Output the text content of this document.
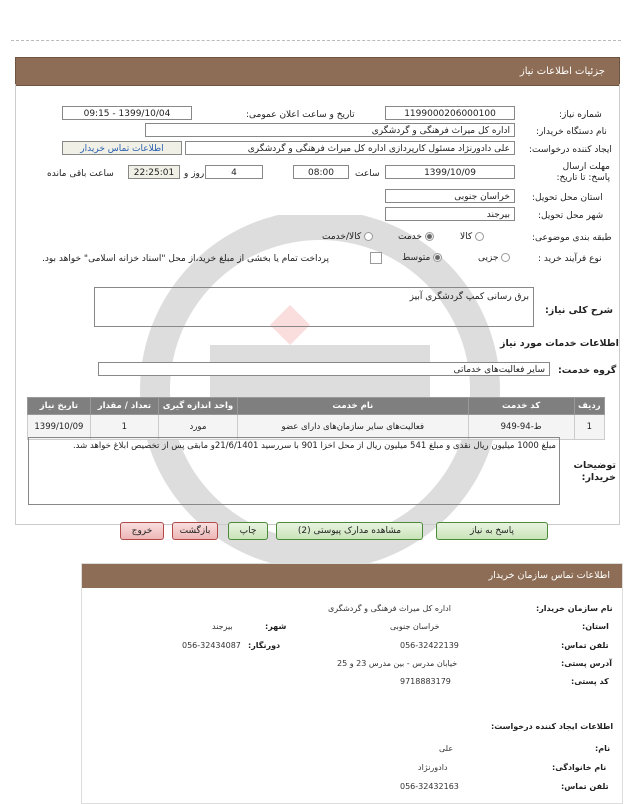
جزئیات اطلاعات نیاز
شماره نیاز:
1199000206000100
تاریخ و ساعت اعلان عمومی:
1399/10/04 - 09:15
نام دستگاه خریدار:
اداره کل میراث فرهنگی و گردشگری
ایجاد کننده درخواست:
علی دادورنژاد مسئول کارپردازی اداره کل میراث فرهنگی و گردشگری
اطلاعات تماس خریدار
مهلت ارسال پاسخ: تا تاریخ:
1399/10/09
ساعت
08:00
4
روز و
22:25:01
ساعت باقی مانده
استان محل تحویل:
خراسان جنوبی
شهر محل تحویل:
بیرجند
طبقه بندی موضوعی:
کالا
خدمت
کالا/خدمت
نوع فرآیند خرید :
جزیی
متوسط
پرداخت تمام یا بخشی از مبلغ خرید،از محل "اسناد خزانه اسلامی" خواهد بود.
شرح کلی نیاز:
برق رسانی کمپ گردشگری آبیز
اطلاعات خدمات مورد نیاز
گروه خدمت:
سایر فعالیت‌های خدماتی
تاریخ نیاز	تعداد / مقدار	واحد اندازه گیری	نام خدمت	کد خدمت	ردیف
1399/10/09	1	مورد	فعالیت‌های سایر سازمان‌های دارای عضو	ط-94-949	1
توضیحات خریدار:
مبلغ 1000 میلیون ریال نقدی و مبلغ 541 میلیون ریال از محل اخزا 901 با سررسید 21/6/1401و مابقی پس از تخصیص ابلاغ خواهد شد.
پاسخ به نیاز
مشاهده مدارک پیوستی (2)
چاپ
بازگشت
خروج
اطلاعات تماس سازمان خریدار
نام سازمان خریدار:
اداره کل میراث فرهنگی و گردشگری
استان:
خراسان جنوبی
شهر:
بیرجند
تلفن تماس:
056-32422139
دورنگار:
056-32434087
آدرس پستی:
خیابان مدرس - بین مدرس 23 و 25
کد پستی:
9718883179
اطلاعات ایجاد کننده درخواست:
نام:
علی
نام خانوادگی:
دادورنژاد
تلفن تماس:
056-32432163
